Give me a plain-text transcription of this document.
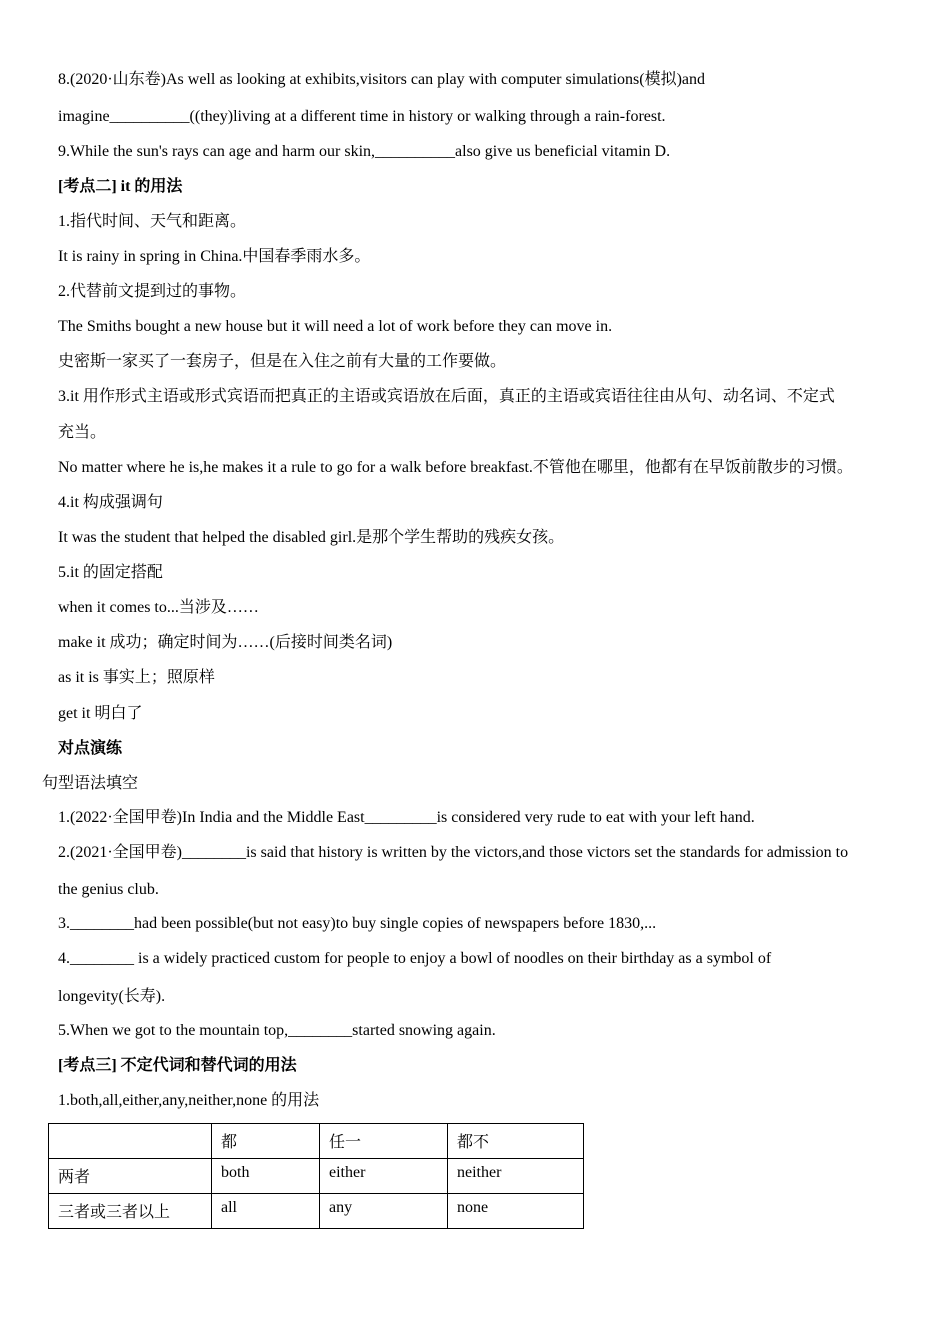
8.(2020·山东卷)As well as looking at exhibits,visitors can play with computer simulations(模拟)and
imagine__________((they)living at a different time in history or walking through a rain-forest.
9.While the sun's rays can age and harm our skin,__________also give us beneficial vitamin D.
[考点二] it 的用法
1.指代时间、天气和距离。
It is rainy in spring in China.中国春季雨水多。
2.代替前文提到过的事物。
The Smiths bought a new house but it will need a lot of work before they can move in.
史密斯一家买了一套房子，但是在入住之前有大量的工作要做。
3.it 用作形式主语或形式宾语而把真正的主语或宾语放在后面，真正的主语或宾语往往由从句、动名词、不定式
充当。
No matter where he is,he makes it a rule to go for a walk before breakfast.不管他在哪里，他都有在早饭前散步的习惯。
4.it 构成强调句
It was the student that helped the disabled girl.是那个学生帮助的残疾女孩。
5.it 的固定搭配
when it comes to...当涉及……
make it 成功；确定时间为……(后接时间类名词)
as it is 事实上；照原样
get it 明白了
对点演练
句型语法填空
1.(2022·全国甲卷)In India and the Middle East_________is considered very rude to eat with your left hand.
2.(2021·全国甲卷)________is said that history is written by the victors,and those victors set the standards for admission to
the genius club.
3.________had been possible(but not easy)to buy single copies of newspapers before 1830,...
4.________ is a widely practiced custom for people to enjoy a bowl of noodles on their birthday as a symbol of
longevity(长寿).
5.When we got to the mountain top,________started snowing again.
[考点三] 不定代词和替代词的用法
1.both,all,either,any,neither,none 的用法
	都	任一	都不
两者	both	either	neither
三者或三者以上	all	any	none
